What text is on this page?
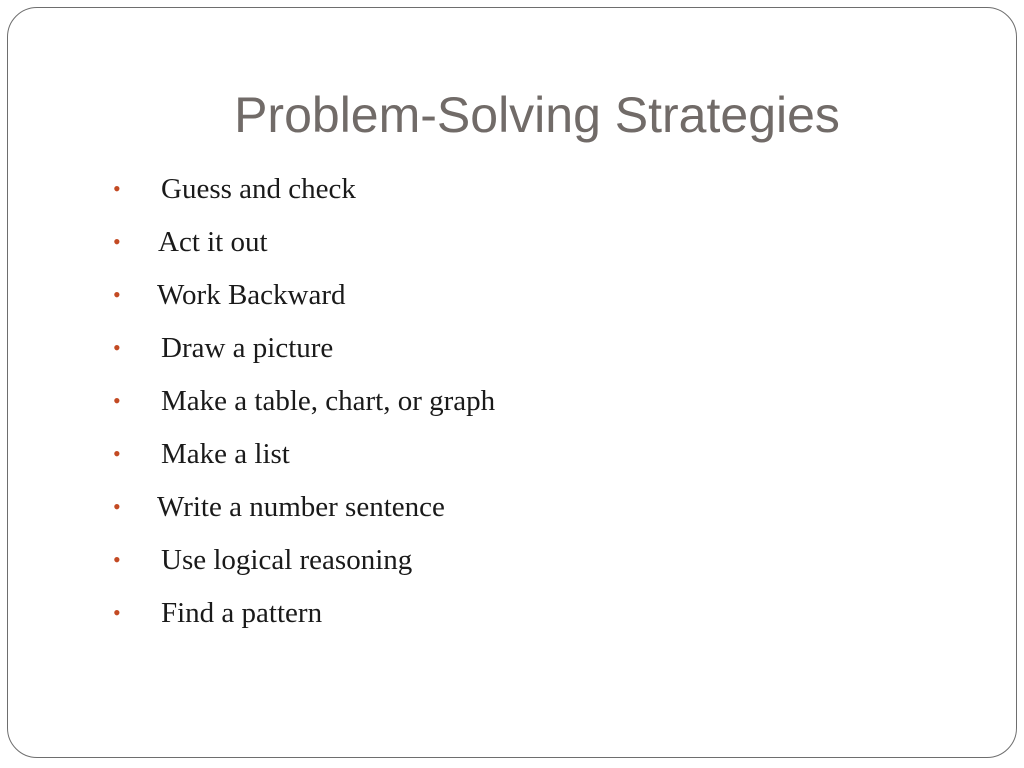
Problem-Solving Strategies
• Guess and check
• Act it out
• Work Backward
• Draw a picture
• Make a table, chart, or graph
• Make a list
• Write a number sentence
• Use logical reasoning
• Find a pattern
